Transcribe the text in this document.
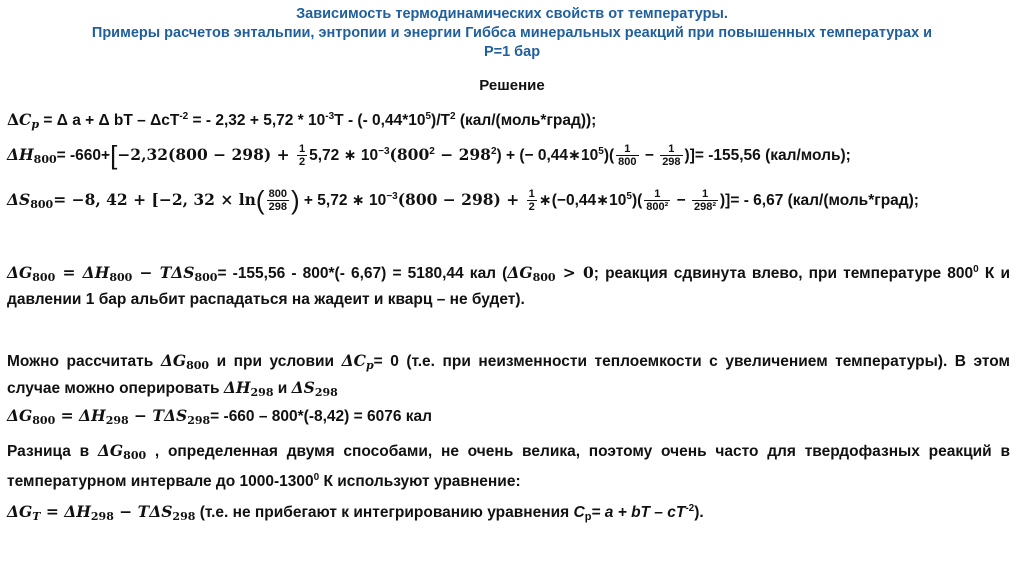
Зависимость термодинамических свойств от температуры.
Примеры расчетов энтальпии, энтропии и энергии Гиббса минеральных реакций при повышенных температурах и
Р=1 бар
Решение
$\Delta C_p = \Delta$ a + Δ bT – ΔcT$^{-2}$ = - $2,32 + 5,72 * 10^{-3}T$ - (- $0,44*10^5)/T^2$ (кал/(моль*град));
$\Delta H_{800}= -660+[-2,32(800 - 298) + \frac{1}{2} 5,72$ ∗ $10^{-3}(800^2 - 298^2)$ + (− $0,44∗10^5)( \frac{1}{800} - \frac{1}{298}$ )]= -155,56 (кал/моль);
$\Delta S_{800}= -8$, 42 + [−2, $32 \times \ln( \frac{800}{298}$ ) + 5,72 ∗ $10^{-3}(800 - 298) + \frac{1}{2}$ $∗(-0,44∗10^5)( \frac{1}{\text{800²}} - \frac{1}{\text{298²}}$ )]= - 6,67 (кал/(моль*град);
$\Delta G_{800} = \Delta H_{800} - T\Delta S_{800}= -155,56 - 800*(-$ 6,67) = 5180,44 кал ($\Delta G_{800} > 0$; реакция сдвинута влево, при температуре $800^0$ К и давлении 1 бар альбит распадаться на жадеит и кварц – не будет).
Можно рассчитать $\Delta G_{800}$ и при условии $\Delta C_p= 0$ (т.е. при неизменности теплоемкости с увеличением температуры). В этом случае можно оперировать $\Delta H_{298}$ и $\Delta S_{298}$
$\Delta G_{800} = \Delta H_{298} - T\Delta S_{298}= -660 - 800*(-8,42) = 6076$ кал
Разница в $\Delta G_{800}$ , определенная двумя способами, не очень велика, поэтому очень часто для твердофазных реакций в температурном интервале до 1000-1300$^0$ К используют уравнение:
$\Delta G_T = \Delta H_{298} - T\Delta S_{298}$ (т.е. не прибегают к интегрированию уравнения $C_p= a$ + bT – $cT^{-2}$).
